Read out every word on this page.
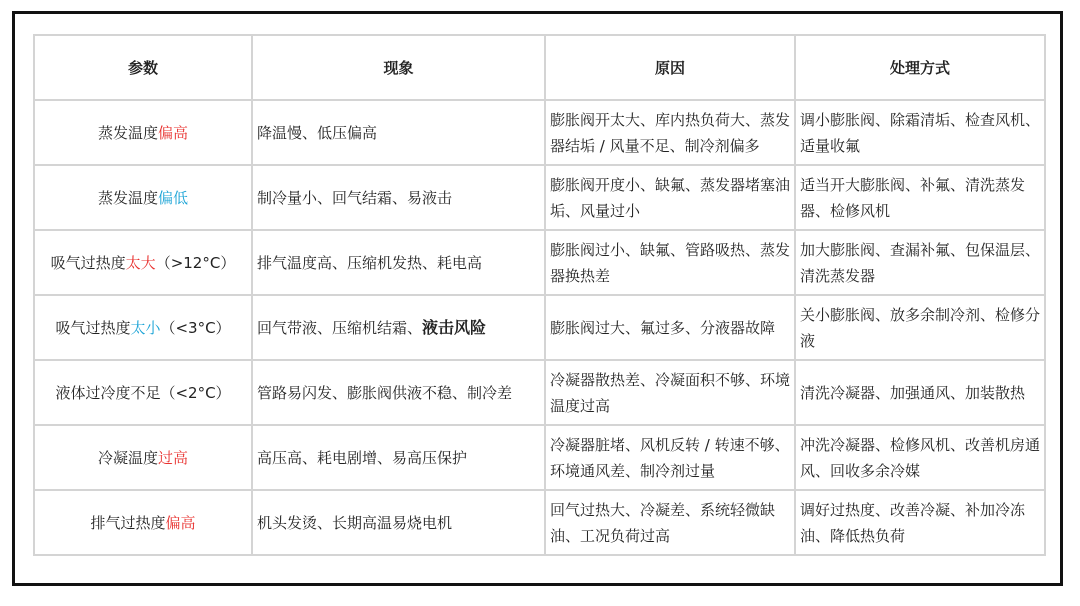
参数	现象	原因	处理方式
蒸发温度偏高	降温慢、低压偏高	膨胀阀开太大、库内热负荷大、蒸发器结垢 / 风量不足、制冷剂偏多	调小膨胀阀、除霜清垢、检查风机、适量收氟
蒸发温度偏低	制冷量小、回气结霜、易液击	膨胀阀开度小、缺氟、蒸发器堵塞油垢、风量过小	适当开大膨胀阀、补氟、清洗蒸发器、检修风机
吸气过热度太大（>12°C）	排气温度高、压缩机发热、耗电高	膨胀阀过小、缺氟、管路吸热、蒸发器换热差	加大膨胀阀、查漏补氟、包保温层、清洗蒸发器
吸气过热度太小（<3°C）	回气带液、压缩机结霜、液击风险	膨胀阀过大、氟过多、分液器故障	关小膨胀阀、放多余制冷剂、检修分液
液体过冷度不足（<2°C）	管路易闪发、膨胀阀供液不稳、制冷差	冷凝器散热差、冷凝面积不够、环境温度过高	清洗冷凝器、加强通风、加装散热
冷凝温度过高	高压高、耗电剧增、易高压保护	冷凝器脏堵、风机反转 / 转速不够、环境通风差、制冷剂过量	冲洗冷凝器、检修风机、改善机房通风、回收多余冷媒
排气过热度偏高	机头发烫、长期高温易烧电机	回气过热大、冷凝差、系统轻微缺油、工况负荷过高	调好过热度、改善冷凝、补加冷冻油、降低热负荷
